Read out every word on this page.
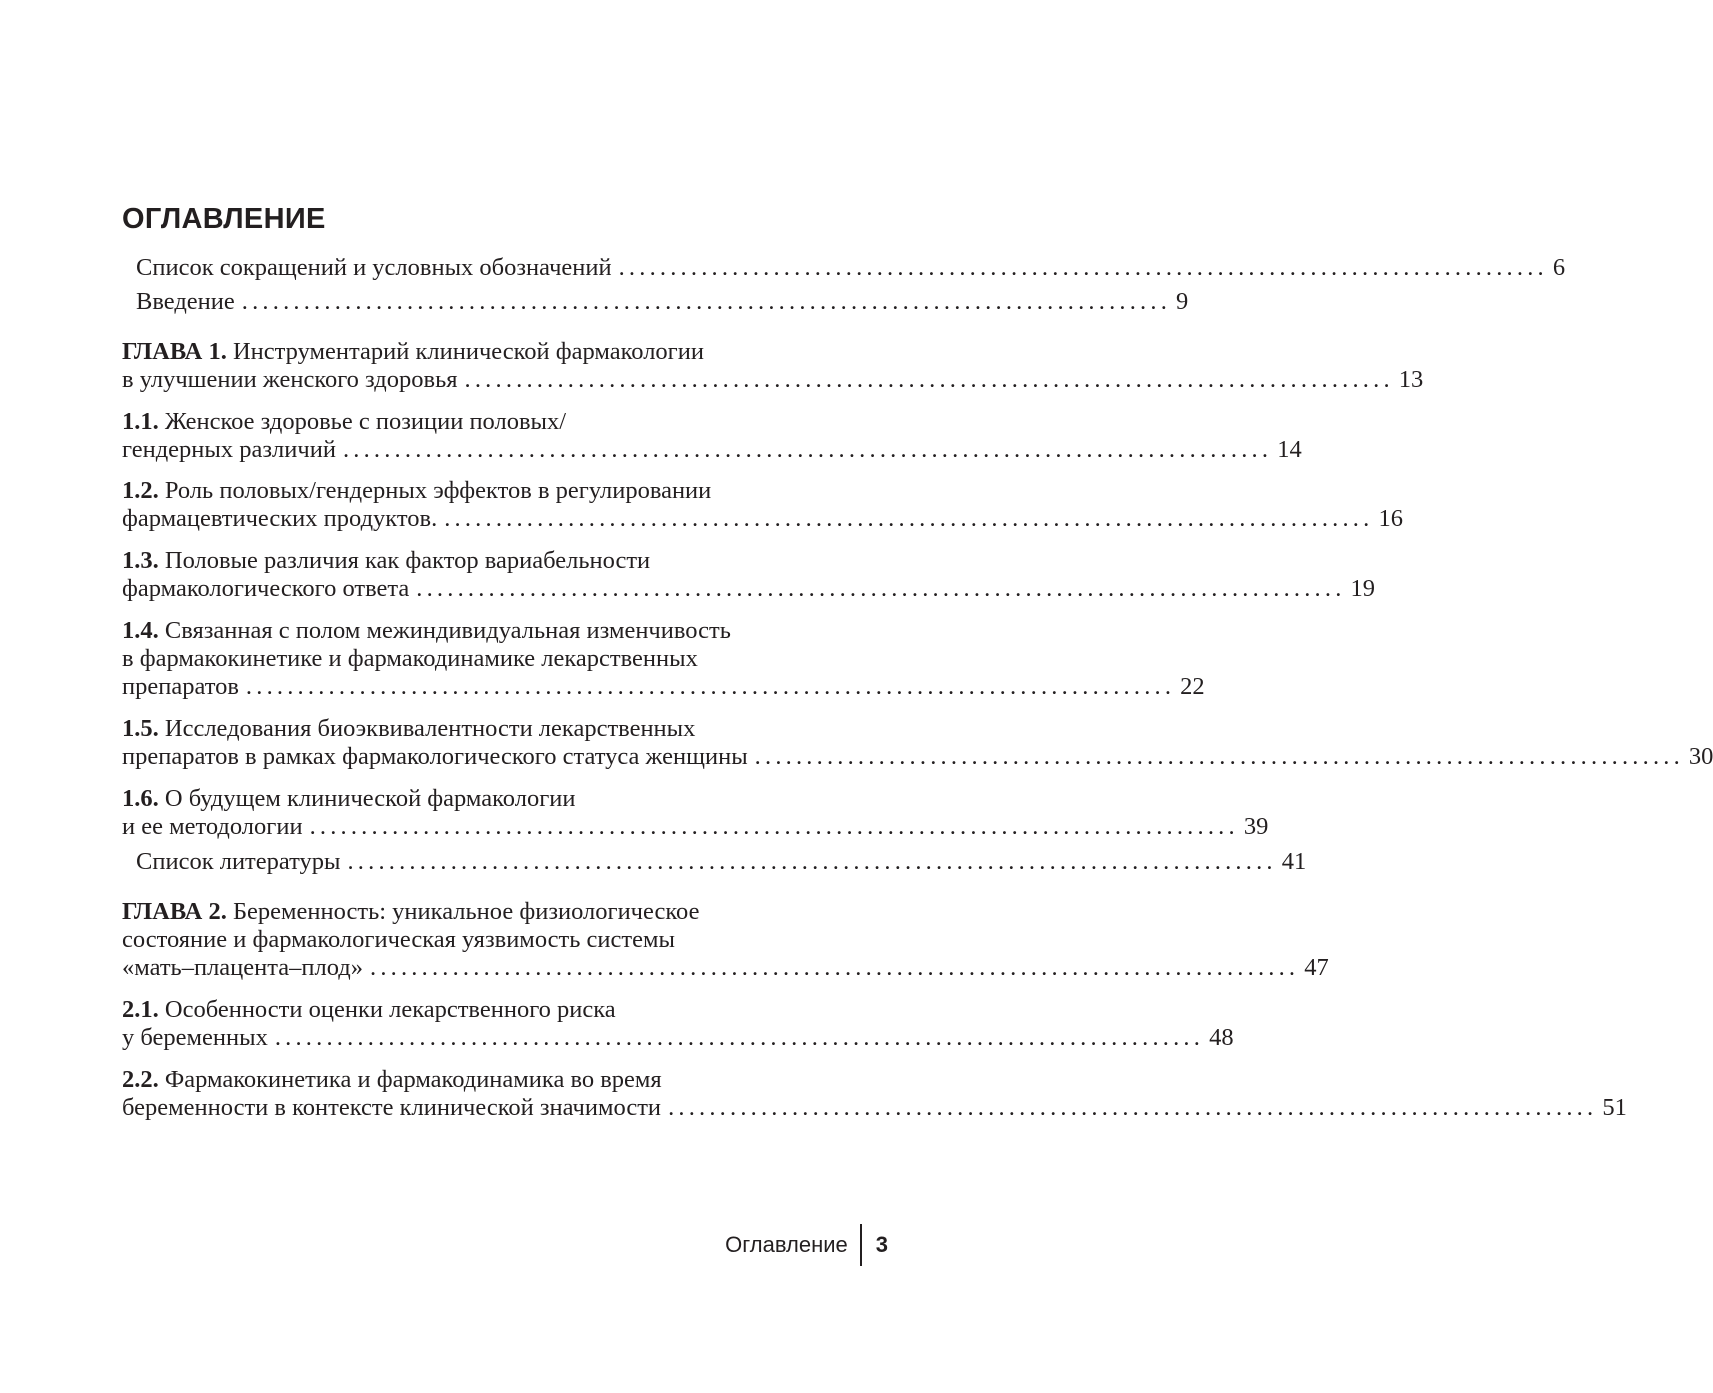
ОГЛАВЛЕНИЕ
Список сокращений и условных обозначений .......................................................................................... 6
Введение .......................................................................................... 9
ГЛАВА 1. Инструментарий клинической фармакологии
в улучшении женского здоровья .......................................................................................... 13
1.1. Женское здоровье с позиции половых/
гендерных различий .......................................................................................... 14
1.2. Роль половых/гендерных эффектов в регулировании
фармацевтических продуктов. .......................................................................................... 16
1.3. Половые различия как фактор вариабельности
фармакологического ответа .......................................................................................... 19
1.4. Связанная с полом межиндивидуальная изменчивость
в фармакокинетике и фармакодинамике лекарственных
препаратов .......................................................................................... 22
1.5. Исследования биоэквивалентности лекарственных
препаратов в рамках фармакологического статуса женщины .......................................................................................... 30
1.6. О будущем клинической фармакологии
и ее методологии .......................................................................................... 39
Список литературы .......................................................................................... 41
ГЛАВА 2. Беременность: уникальное физиологическое
состояние и фармакологическая уязвимость системы
«мать–плацента–плод» .......................................................................................... 47
2.1. Особенности оценки лекарственного риска
у беременных .......................................................................................... 48
2.2. Фармакокинетика и фармакодинамика во время
беременности в контексте клинической значимости .......................................................................................... 51
Оглавление 3
